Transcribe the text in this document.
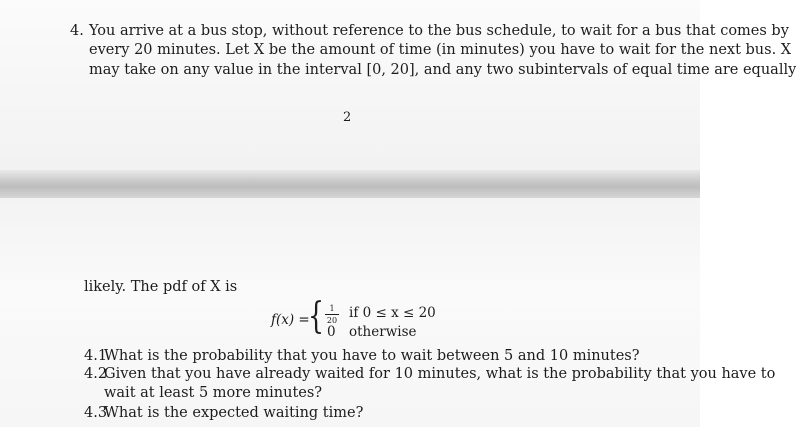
4. You arrive at a bus stop, without reference to the bus schedule, to wait for a bus that comes by
every 20 minutes. Let X be the amount of time (in minutes) you have to wait for the next bus. X
may take on any value in the interval [0, 20], and any two subintervals of equal time are equally
2
likely. The pdf of X is
f(x) =
{ 1
20 if 0 ≤ x ≤ 20
0 otherwise
4.1
What is the probability that you have to wait between 5 and 10 minutes?
4.2
Given that you have already waited for 10 minutes, what is the probability that you have to
wait at least 5 more minutes?
4.3
What is the expected waiting time?
